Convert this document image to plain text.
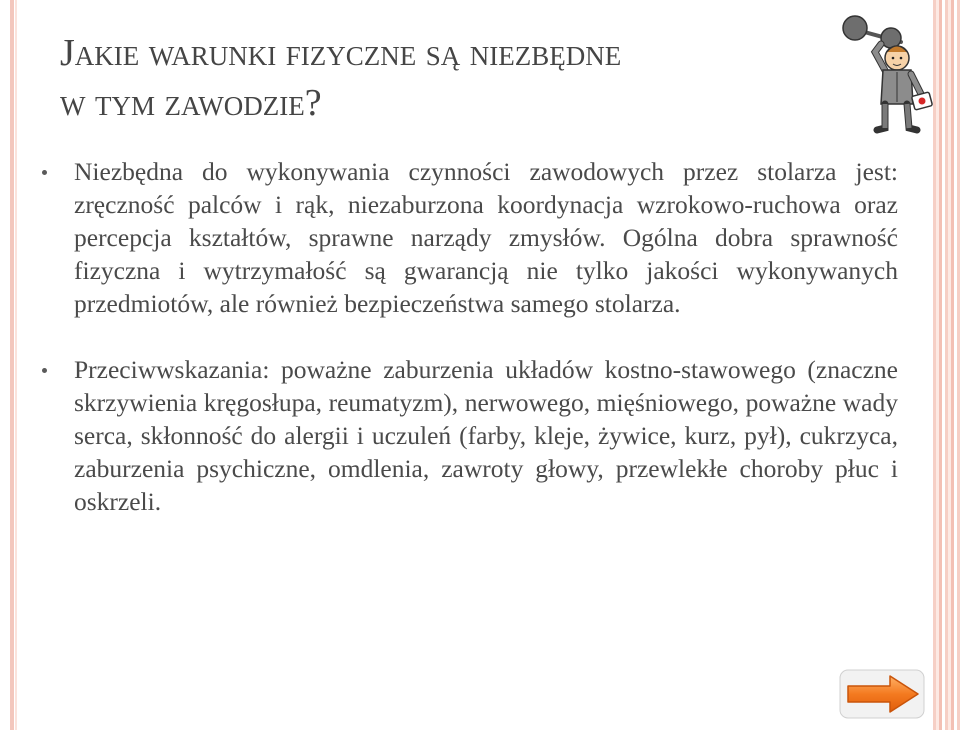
Jakie warunki fizyczne są niezbędne
w tym zawodzie?
Niezbędna do wykonywania czynności zawodowych przez stolarza jest: zręczność palców i rąk, niezaburzona koordynacja wzrokowo-ruchowa oraz percepcja kształtów, sprawne narządy zmysłów. Ogólna dobra sprawność fizyczna i wytrzymałość są gwarancją nie tylko jakości wykonywanych przedmiotów, ale również bezpieczeństwa samego stolarza.
Przeciwwskazania: poważne zaburzenia układów kostno-stawowego (znaczne skrzywienia kręgosłupa, reumatyzm), nerwowego, mięśniowego, poważne wady serca, skłonność do alergii i uczuleń (farby, kleje, żywice, kurz, pył), cukrzyca, zaburzenia psychiczne, omdlenia, zawroty głowy, przewlekłe choroby płuc i oskrzeli.
